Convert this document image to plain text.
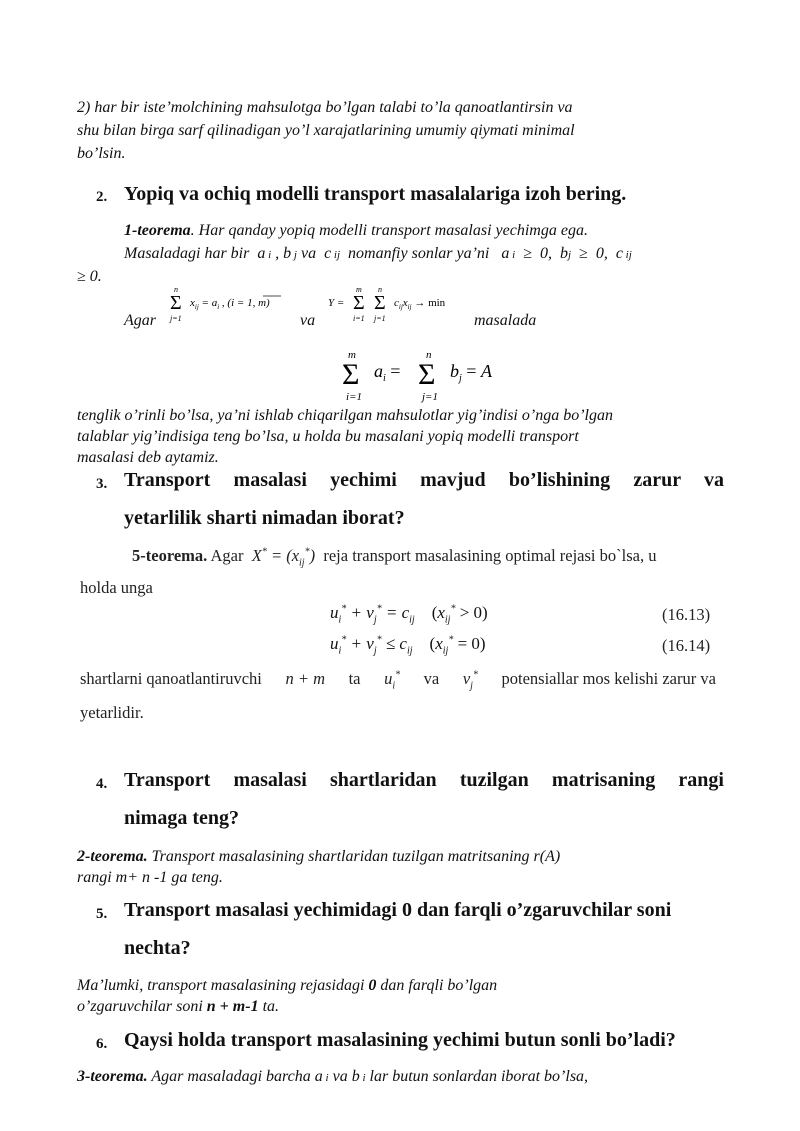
2) har bir iste’molchining mahsulotga bo’lgan talabi to’la qanoatlantirsin va
shu bilan birga sarf qilinadigan yo’l xarajatlarining umumiy qiymati minimal
bo’lsin.
2. Yopiq va ochiq modelli transport masalalariga izoh bering.
1-teorema. Har qanday yopiq modelli transport masalasi yechimga ega.
Masaladagi har bir  a i , b j va  c ij nomanfiy sonlar ya’ni   a i  ≥  0,  bj  ≥  0,  c ij
≥ 0.
Agar
n
Σ
j=1
$x_{ij} = a_i$ , (i = 1, m)
va
Y =
m
Σ
i=1
n
Σ
j=1
$c_{ij}x_{ij} \to \min$
masalada
m
Σ
i=1
$a_i$ =
n
Σ
j=1
$b_j = A$
tenglik o’rinli bo’lsa, ya’ni ishlab chiqarilgan mahsulotlar yig’indisi o’nga bo’lgan
talablar yig’indisiga teng bo’lsa, u holda bu masalani yopiq modelli transport
masalasi deb aytamiz.
3. Transport  masalasi  yechimi  mavjud  bo’lishining  zarur  va
yetarlilik sharti nimadan iborat?
5-teorema. Agar  $X^* = (x_{ij}^*)$  reja transport masalasining optimal rejasi bo`lsa, u
holda unga
$u_i^* + v_j^* = c_{ij}$ $(x_{ij}^* > 0)$	(16.13)
$u_i^* + v_j^* \le c_{ij}$ $(x_{ij}^* = 0)$	(16.14)
shartlarni qanoatlantiruvchi n + m ta $u_i^*$ va $v_j^*$ potensiallar mos kelishi zarur va
yetarlidir.
4. Transport masalasi shartlaridan tuzilgan matrisaning rangi
nimaga teng?
2-teorema. Transport masalasining shartlaridan tuzilgan matritsaning r(A)
rangi m+ n -1 ga teng.
5. Transport masalasi yechimidagi 0 dan farqli o’zgaruvchilar soni
nechta?
Ma’lumki, transport masalasining rejasidagi 0 dan farqli bo’lgan
o’zgaruvchilar soni n + m-1 ta.
6. Qaysi holda transport masalasining yechimi butun sonli bo’ladi?
3-teorema. Agar masaladagi barcha a i va b i lar butun sonlardan iborat bo’lsa,
